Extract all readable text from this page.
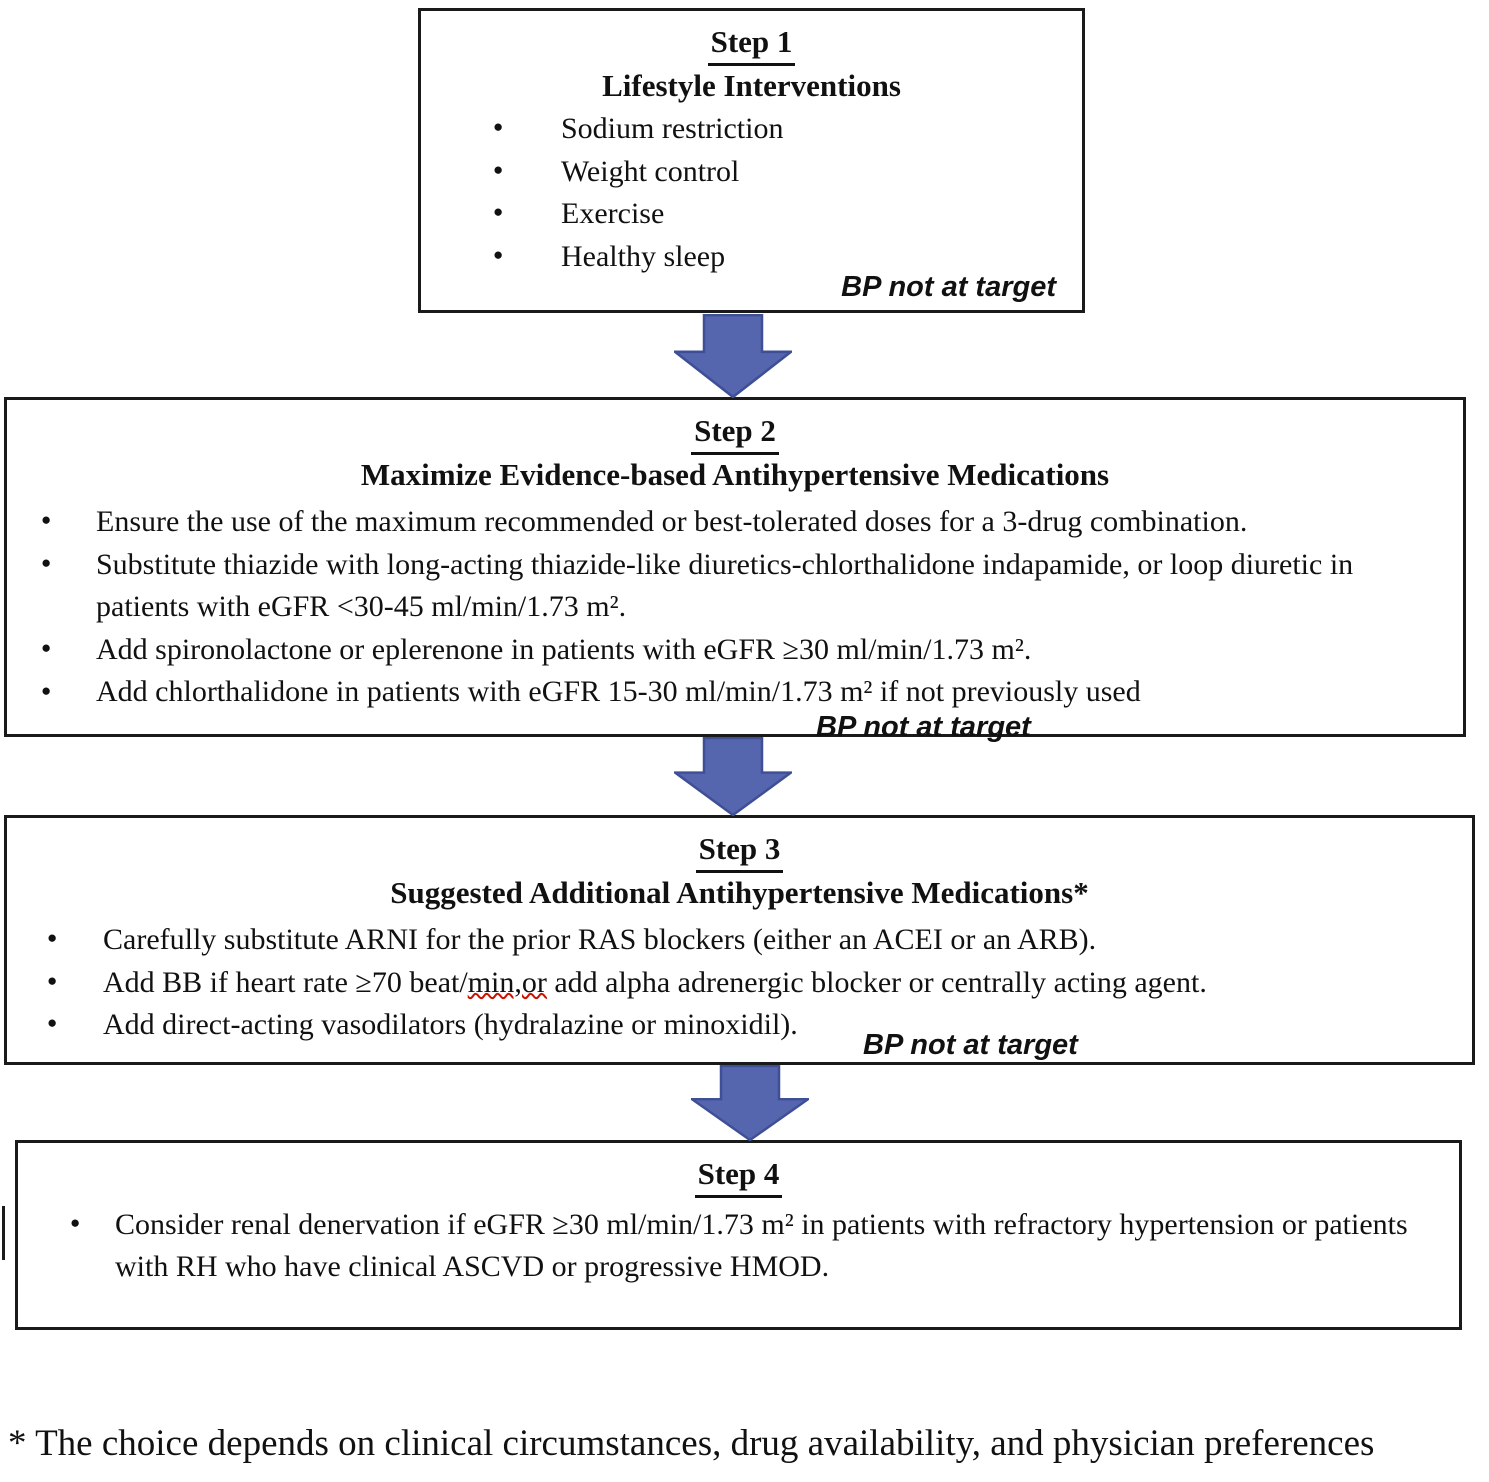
Step 1
Lifestyle Interventions
● Sodium restriction
● Weight control
● Exercise
● Healthy sleep
BP not at target
Step 2
Maximize Evidence-based Antihypertensive Medications
● Ensure the use of the maximum recommended or best-tolerated doses for a 3-drug combination.
● Substitute thiazide with long-acting thiazide-like diuretics-chlorthalidone indapamide, or loop diuretic in patients with eGFR <30-45 ml/min/1.73 m².
● Add spironolactone or eplerenone in patients with eGFR ≥30 ml/min/1.73 m².
● Add chlorthalidone in patients with eGFR 15-30 ml/min/1.73 m² if not previously used
BP not at target
Step 3
Suggested Additional Antihypertensive Medications*
● Carefully substitute ARNI for the prior RAS blockers (either an ACEI or an ARB).
● Add BB if heart rate ≥70 beat/min,or add alpha adrenergic blocker or centrally acting agent.
● Add direct-acting vasodilators (hydralazine or minoxidil).
BP not at target
Step 4
● Consider renal denervation if eGFR ≥30 ml/min/1.73 m² in patients with refractory hypertension or patients with RH who have clinical ASCVD or progressive HMOD.
* The choice depends on clinical circumstances, drug availability, and physician preferences
